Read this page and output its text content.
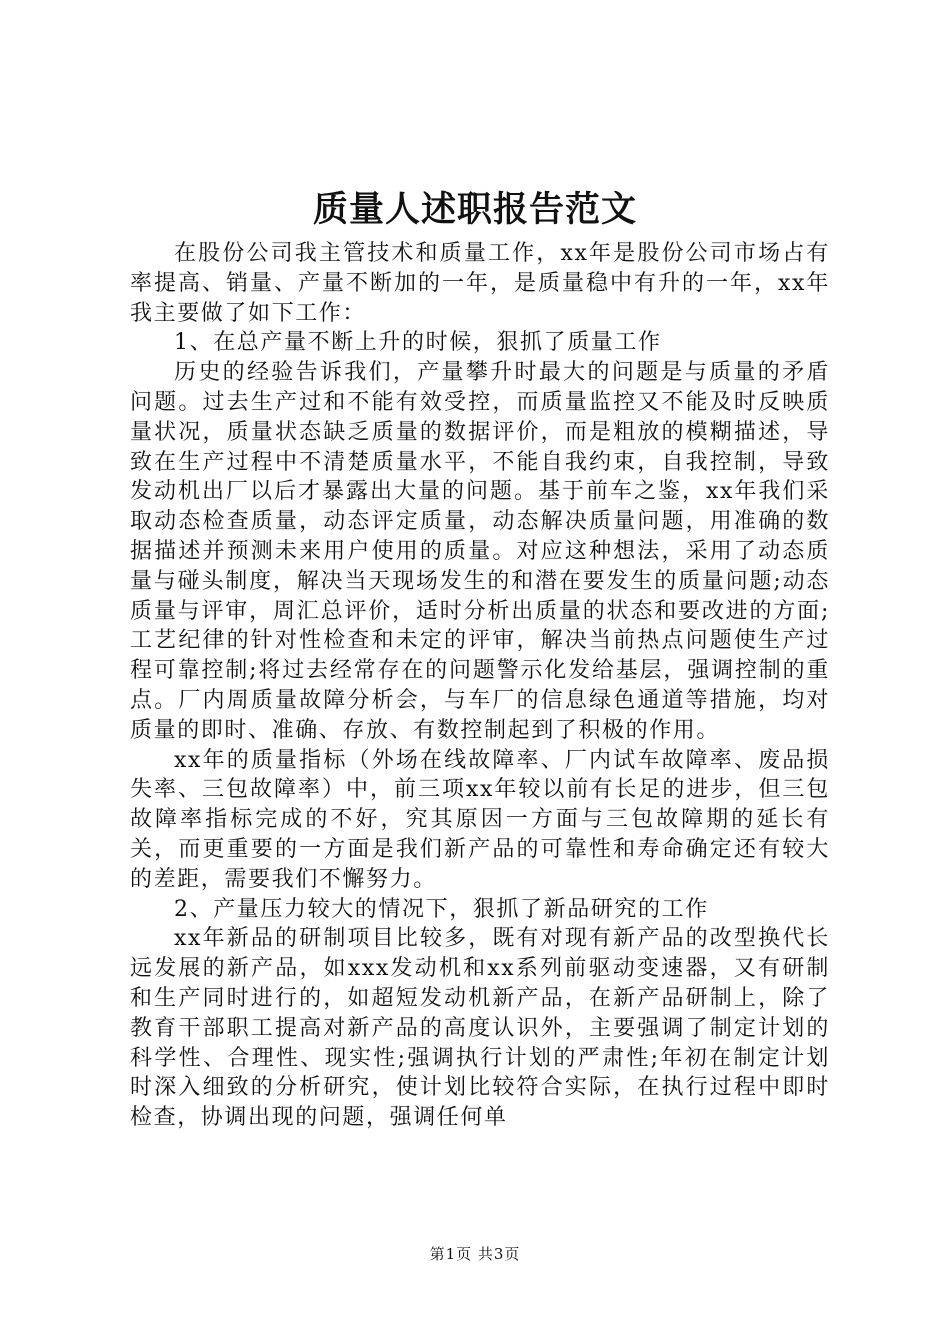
质量人述职报告范文

在股份公司我主管技术和质量工作，xx年是股份公司市场占有率提高、销量、产量不断加的一年，是质量稳中有升的一年，xx年我主要做了如下工作：

1、在总产量不断上升的时候，狠抓了质量工作

历史的经验告诉我们，产量攀升时最大的问题是与质量的矛盾问题。过去生产过和不能有效受控，而质量监控又不能及时反映质量状况，质量状态缺乏质量的数据评价，而是粗放的模糊描述，导致在生产过程中不清楚质量水平，不能自我约束，自我控制，导致发动机出厂以后才暴露出大量的问题。基于前车之鉴，xx年我们采取动态检查质量，动态评定质量，动态解决质量问题，用准确的数据描述并预测未来用户使用的质量。对应这种想法，采用了动态质量与碰头制度，解决当天现场发生的和潜在要发生的质量问题;动态质量与评审，周汇总评价，适时分析出质量的状态和要改进的方面;工艺纪律的针对性检查和未定的评审，解决当前热点问题使生产过程可靠控制;将过去经常存在的问题警示化发给基层，强调控制的重点。厂内周质量故障分析会，与车厂的信息绿色通道等措施，均对质量的即时、准确、存放、有数控制起到了积极的作用。

xx年的质量指标（外场在线故障率、厂内试车故障率、废品损失率、三包故障率）中，前三项xx年较以前有长足的进步，但三包故障率指标完成的不好，究其原因一方面与三包故障期的延长有关，而更重要的一方面是我们新产品的可靠性和寿命确定还有较大的差距，需要我们不懈努力。

2、产量压力较大的情况下，狠抓了新品研究的工作

xx年新品的研制项目比较多，既有对现有新产品的改型换代长远发展的新产品，如xxx发动机和xx系列前驱动变速器，又有研制和生产同时进行的，如超短发动机新产品，在新产品研制上，除了教育干部职工提高对新产品的高度认识外，主要强调了制定计划的科学性、合理性、现实性;强调执行计划的严肃性;年初在制定计划时深入细致的分析研究，使计划比较符合实际，在执行过程中即时检查，协调出现的问题，强调任何单

第1页 共3页
